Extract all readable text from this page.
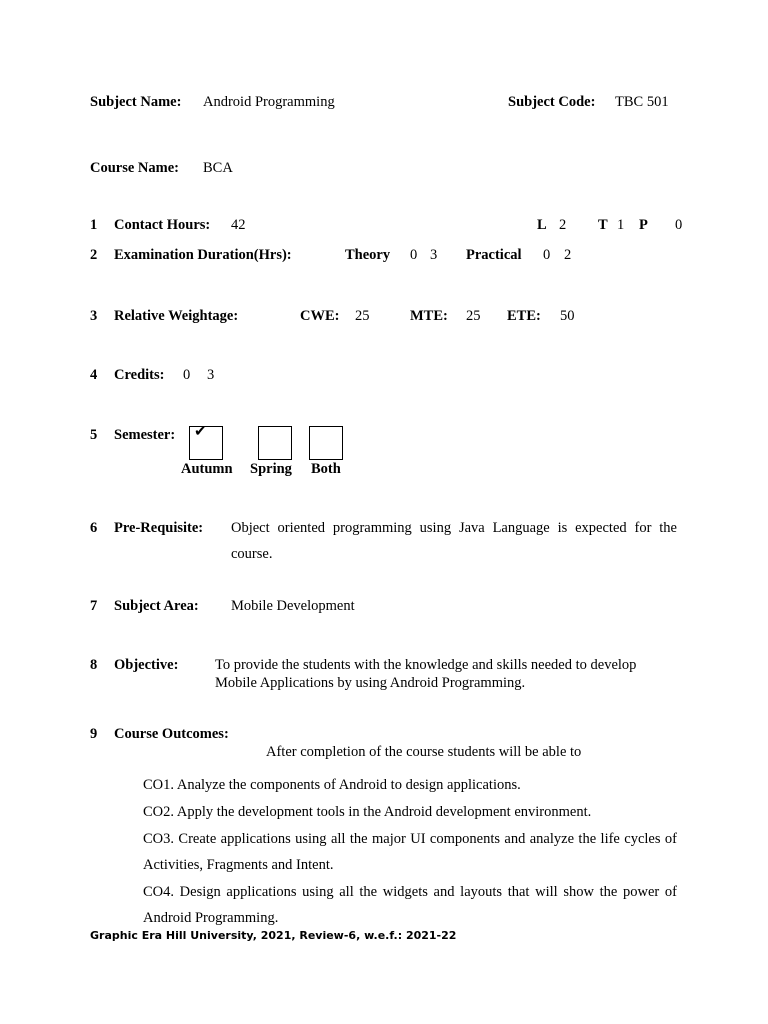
Subject Name: Android Programming	Subject Code: TBC 501
Course Name: BCA
1 Contact Hours: 42	L 2 T 1 P 0
2 Examination Duration(Hrs):	Theory 0 3 Practical 0 2
3 Relative Weightage:	CWE: 25	MTE: 25 ETE: 50
4 Credits: 0 3
5 Semester: ✔
Autumn Spring Both
6 Pre-Requisite: Object oriented programming using Java Language is expected for the course.
7 Subject Area: Mobile Development
8 Objective:	To provide the students with the knowledge and skills needed to develop
Mobile Applications by using Android Programming.
9 Course Outcomes:
After completion of the course students will be able to
CO1. Analyze the components of Android to design applications.
CO2. Apply the development tools in the Android development environment.
CO3. Create applications using all the major UI components and analyze the life cycles of Activities, Fragments and Intent.
CO4. Design applications using all the widgets and layouts that will show the power of Android Programming.
Graphic Era Hill University, 2021, Review-6, w.e.f.: 2021-22
